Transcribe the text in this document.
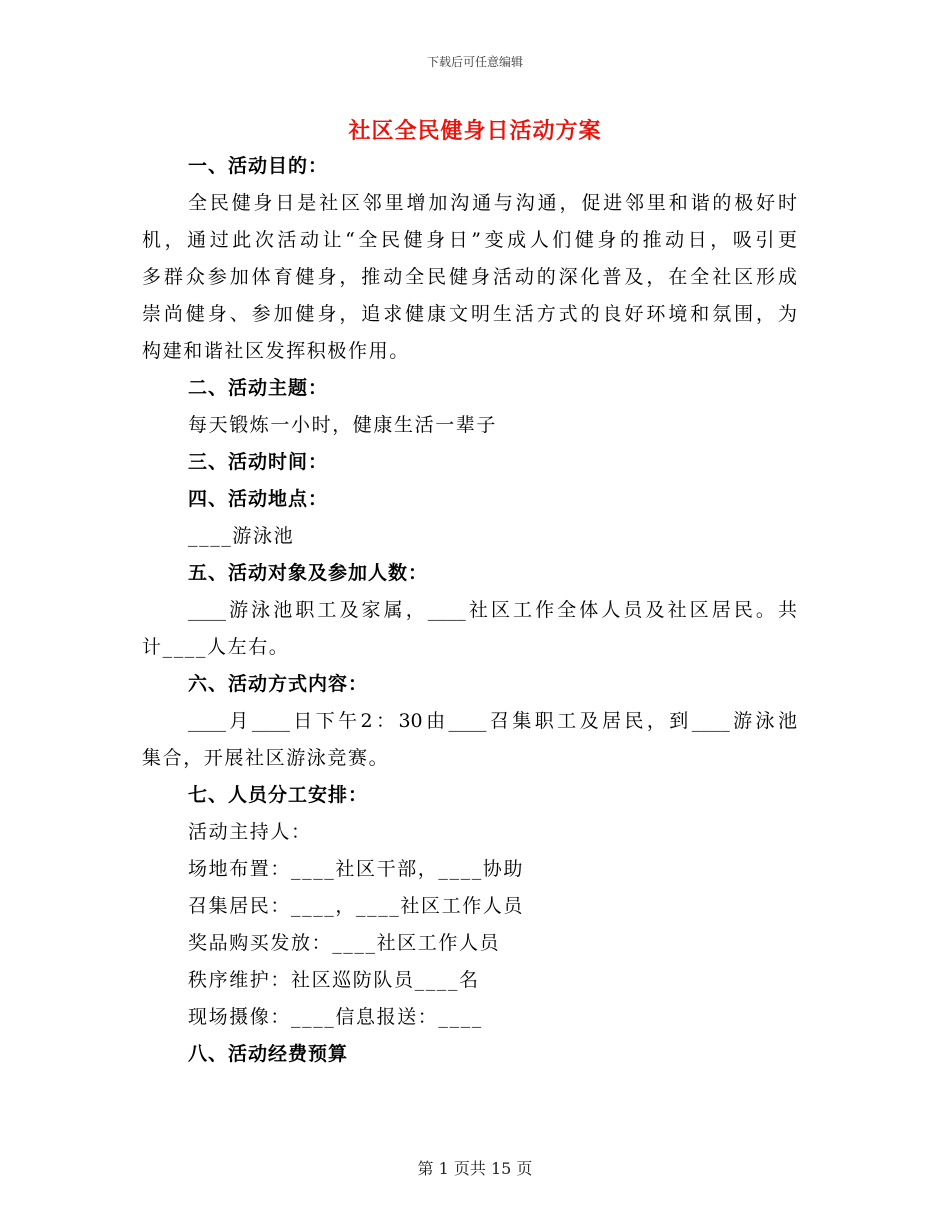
下载后可任意编辑
社区全民健身日活动方案
一、活动目的：
全民健身日是社区邻里增加沟通与沟通，促进邻里和谐的极好时
机，通过此次活动让“全民健身日”变成人们健身的推动日，吸引更
多群众参加体育健身，推动全民健身活动的深化普及，在全社区形成
崇尚健身、参加健身，追求健康文明生活方式的良好环境和氛围，为
构建和谐社区发挥积极作用。
二、活动主题：
每天锻炼一小时，健康生活一辈子
三、活动时间：
四、活动地点：
____游泳池
五、活动对象及参加人数：
____游泳池职工及家属，____社区工作全体人员及社区居民。共
计____人左右。
六、活动方式内容：
____月____日下午2：30由____召集职工及居民，到____游泳池
集合，开展社区游泳竞赛。
七、人员分工安排：
活动主持人：
场地布置：____社区干部，____协助
召集居民：____，____社区工作人员
奖品购买发放：____社区工作人员
秩序维护：社区巡防队员____名
现场摄像：____信息报送：____
八、活动经费预算
第 1 页共 15 页
